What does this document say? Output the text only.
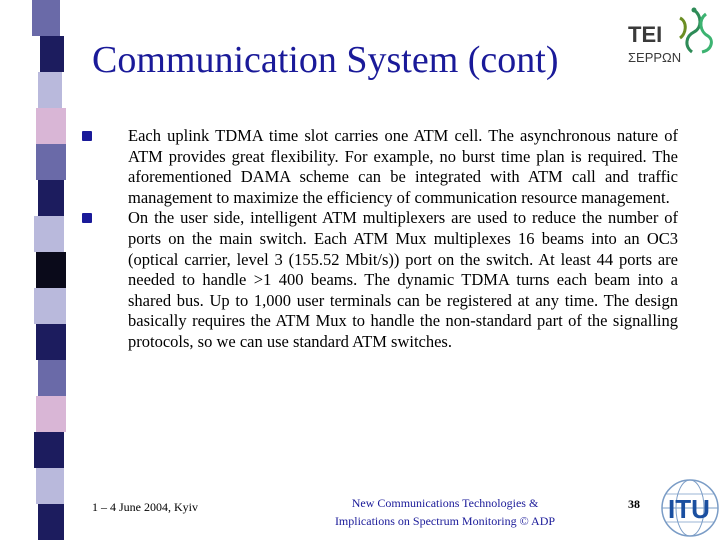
Communication System (cont)
TEI
ΣΕΡΡΩΝ
Each uplink TDMA time slot carries one ATM cell. The asynchronous nature of ATM provides great flexibility. For example, no burst time plan is required. The aforementioned DAMA scheme can be integrated with ATM call and traffic management to maximize the efficiency of communication resource management.
On the user side, intelligent ATM multiplexers are used to reduce the number of ports on the main switch. Each ATM Mux multiplexes 16 beams into an OC3 (optical carrier, level 3 (155.52 Mbit/s)) port on the switch. At least 44 ports are needed to handle >1 400 beams. The dynamic TDMA turns each beam into a shared bus. Up to 1,000 user terminals can be registered at any time. The design basically requires the ATM Mux to handle the non-standard part of the signalling protocols, so we can use standard ATM switches.
1 – 4 June 2004, Kyiv	New Communications Technologies &
Implications on Spectrum Monitoring © ADP
38 ITU
